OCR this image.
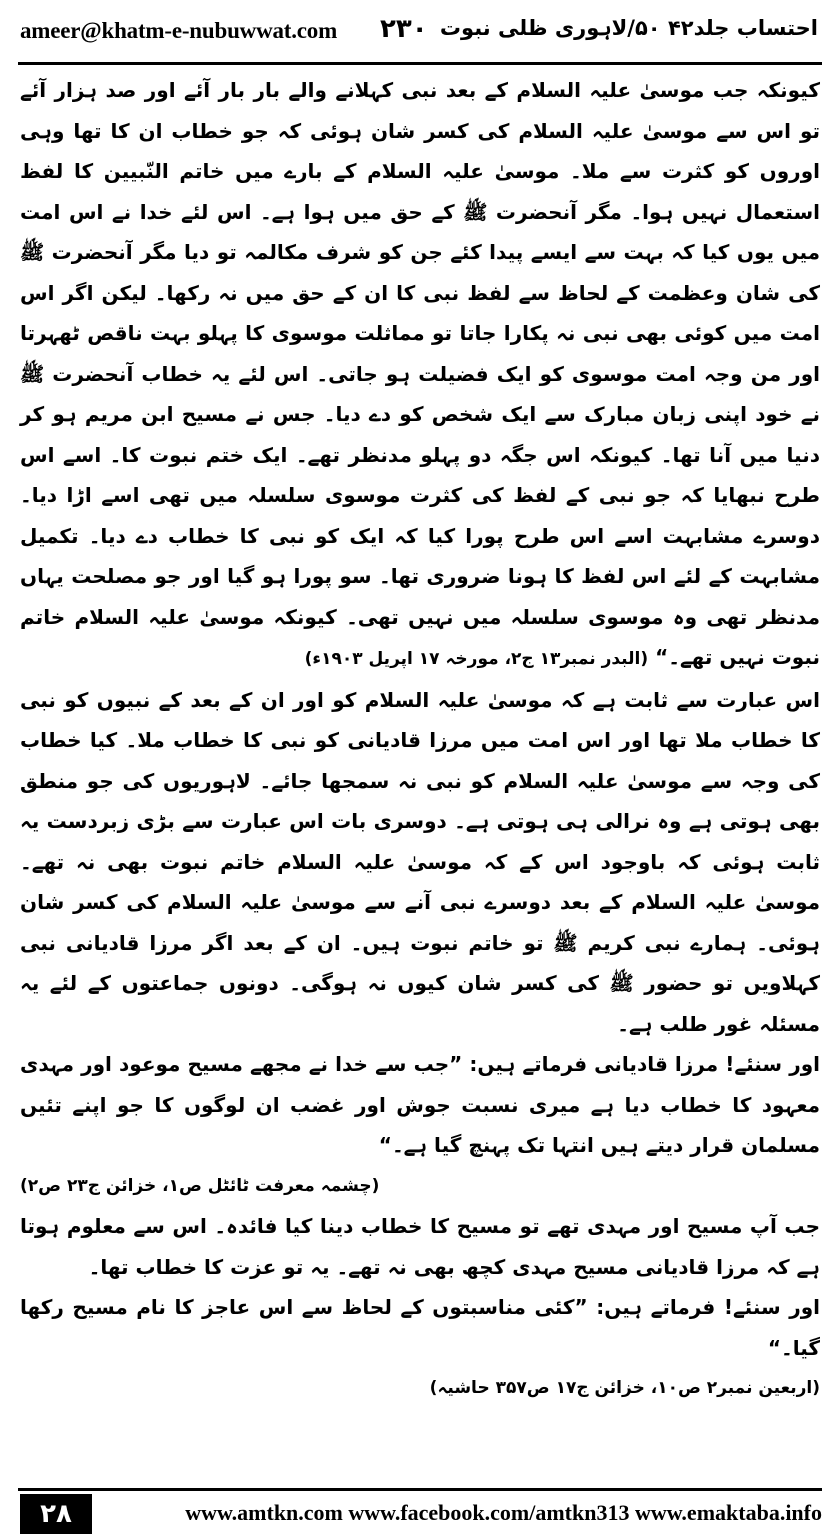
ameer@khatm-e-nubuwwat.com ۲۳۰ احتساب جلد۴۲ ۵۰/لاہوری ظلی نبوت

کیونکہ جب موسیٰ علیہ السلام کے بعد نبی کہلانے والے بار بار آئے اور صد ہزار آئے تو اس سے موسیٰ علیہ السلام کی کسر شان ہوئی کہ جو خطاب ان کا تھا وہی اوروں کو کثرت سے ملا۔ موسیٰ علیہ السلام کے بارے میں خاتم النّبیین کا لفظ استعمال نہیں ہوا۔ مگر آنحضرت ﷺ کے حق میں ہوا ہے۔ اس لئے خدا نے اس امت میں یوں کیا کہ بہت سے ایسے پیدا کئے جن کو شرف مکالمہ تو دیا مگر آنحضرت ﷺ کی شان وعظمت کے لحاظ سے لفظ نبی کا ان کے حق میں نہ رکھا۔ لیکن اگر اس امت میں کوئی بھی نبی نہ پکارا جاتا تو مماثلت موسوی کا پہلو بہت ناقص ٹھہرتا اور من وجہ امت موسوی کو ایک فضیلت ہو جاتی۔ اس لئے یہ خطاب آنحضرت ﷺ نے خود اپنی زبان مبارک سے ایک شخص کو دے دیا۔ جس نے مسیح ابن مریم ہو کر دنیا میں آنا تھا۔ کیونکہ اس جگہ دو پہلو مدنظر تھے۔ ایک ختم نبوت کا۔ اسے اس طرح نبھایا کہ جو نبی کے لفظ کی کثرت موسوی سلسلہ میں تھی اسے اڑا دیا۔ دوسرے مشابہت اسے اس طرح پورا کیا کہ ایک کو نبی کا خطاب دے دیا۔ تکمیل مشابہت کے لئے اس لفظ کا ہونا ضروری تھا۔ سو پورا ہو گیا اور جو مصلحت یہاں مدنظر تھی وہ موسوی سلسلہ میں نہیں تھی۔ کیونکہ موسیٰ علیہ السلام خاتم نبوت نہیں تھے۔“ (البدر نمبر۱۳ ج۲، مورخہ ۱۷ اپریل ۱۹۰۳ء)

اس عبارت سے ثابت ہے کہ موسیٰ علیہ السلام کو اور ان کے بعد کے نبیوں کو نبی کا خطاب ملا تھا اور اس امت میں مرزا قادیانی کو نبی کا خطاب ملا۔ کیا خطاب کی وجہ سے موسیٰ علیہ السلام کو نبی نہ سمجھا جائے۔ لاہوریوں کی جو منطق بھی ہوتی ہے وہ نرالی ہی ہوتی ہے۔ دوسری بات اس عبارت سے بڑی زبردست یہ ثابت ہوئی کہ باوجود اس کے کہ موسیٰ علیہ السلام خاتم نبوت بھی نہ تھے۔ موسیٰ علیہ السلام کے بعد دوسرے نبی آنے سے موسیٰ علیہ السلام کی کسر شان ہوئی۔ ہمارے نبی کریم ﷺ تو خاتم نبوت ہیں۔ ان کے بعد اگر مرزا قادیانی نبی کہلاویں تو حضور ﷺ کی کسر شان کیوں نہ ہوگی۔ دونوں جماعتوں کے لئے یہ مسئلہ غور طلب ہے۔

اور سنئے! مرزا قادیانی فرماتے ہیں: ”جب سے خدا نے مجھے مسیح موعود اور مہدی معہود کا خطاب دیا ہے میری نسبت جوش اور غضب ان لوگوں کا جو اپنے تئیں مسلمان قرار دیتے ہیں انتہا تک پہنچ گیا ہے۔“

(چشمہ معرفت ٹائٹل ص۱، خزائن ج۲۳ ص۲)

جب آپ مسیح اور مہدی تھے تو مسیح کا خطاب دینا کیا فائدہ۔ اس سے معلوم ہوتا ہے کہ مرزا قادیانی مسیح مہدی کچھ بھی نہ تھے۔ یہ تو عزت کا خطاب تھا۔

اور سنئے! فرماتے ہیں: ”کئی مناسبتوں کے لحاظ سے اس عاجز کا نام مسیح رکھا گیا۔“

(اربعین نمبر۲ ص۱۰، خزائن ج۱۷ ص۳۵۷ حاشیہ)

۲۸	www.amtkn.com www.facebook.com/amtkn313 www.emaktaba.info
